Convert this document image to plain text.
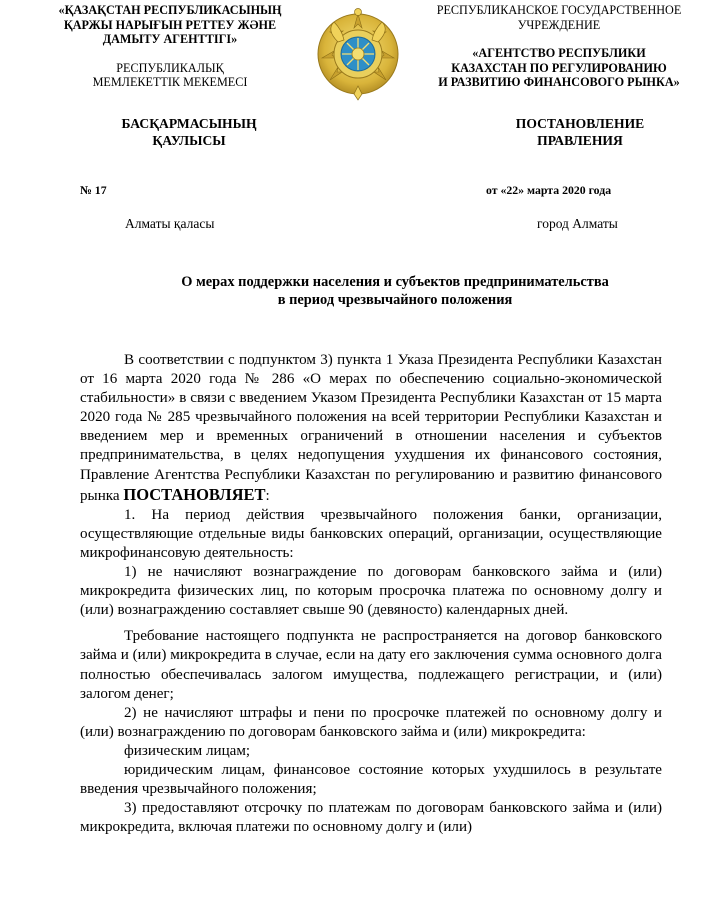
«ҚАЗАҚСТАН РЕСПУБЛИКАСЫНЫҢ
ҚАРЖЫ НАРЫҒЫН РЕТТЕУ ЖӘНЕ
ДАМЫТУ АГЕНТТІГІ»
РЕСПУБЛИКАЛЫҚ
МЕМЛЕКЕТТІК МЕКЕМЕСІ
РЕСПУБЛИКАНСКОЕ ГОСУДАРСТВЕННОЕ
УЧРЕЖДЕНИЕ
«АГЕНТСТВО РЕСПУБЛИКИ
КАЗАХСТАН ПО РЕГУЛИРОВАНИЮ
И РАЗВИТИЮ ФИНАНСОВОГО РЫНКА»
БАСҚАРМАСЫНЫҢ
ҚАУЛЫСЫ
ПОСТАНОВЛЕНИЕ
ПРАВЛЕНИЯ
№ 17	от «22» марта 2020 года
Алматы қаласы	город Алматы
О мерах поддержки населения и субъектов предпринимательства
в период чрезвычайного положения

В соответствии с подпунктом 3) пункта 1 Указа Президента Республики Казахстан от 16 марта 2020 года № 286 «О мерах по обеспечению социально-экономической стабильности» в связи с введением Указом Президента Республики Казахстан от 15 марта 2020 года № 285 чрезвычайного положения на всей территории Республики Казахстан и введением мер и временных ограничений в отношении населения и субъектов предпринимательства, в целях недопущения ухудшения их финансового состояния, Правление Агентства Республики Казахстан по регулированию и развитию финансового рынка ПОСТАНОВЛЯЕТ:

1. На период действия чрезвычайного положения банки, организации, осуществляющие отдельные виды банковских операций, организации, осуществляющие микрофинансовую деятельность:

1) не начисляют вознаграждение по договорам банковского займа и (или) микрокредита физических лиц, по которым просрочка платежа по основному долгу и (или) вознаграждению составляет свыше 90 (девяносто) календарных дней.

Требование настоящего подпункта не распространяется на договор банковского займа и (или) микрокредита в случае, если на дату его заключения сумма основного долга полностью обеспечивалась залогом имущества, подлежащего регистрации, и (или) залогом денег;

2) не начисляют штрафы и пени по просрочке платежей по основному долгу и (или) вознаграждению по договорам банковского займа и (или) микрокредита:

физическим лицам;

юридическим лицам, финансовое состояние которых ухудшилось в результате введения чрезвычайного положения;

3) предоставляют отсрочку по платежам по договорам банковского займа и (или) микрокредита, включая платежи по основному долгу и (или)
